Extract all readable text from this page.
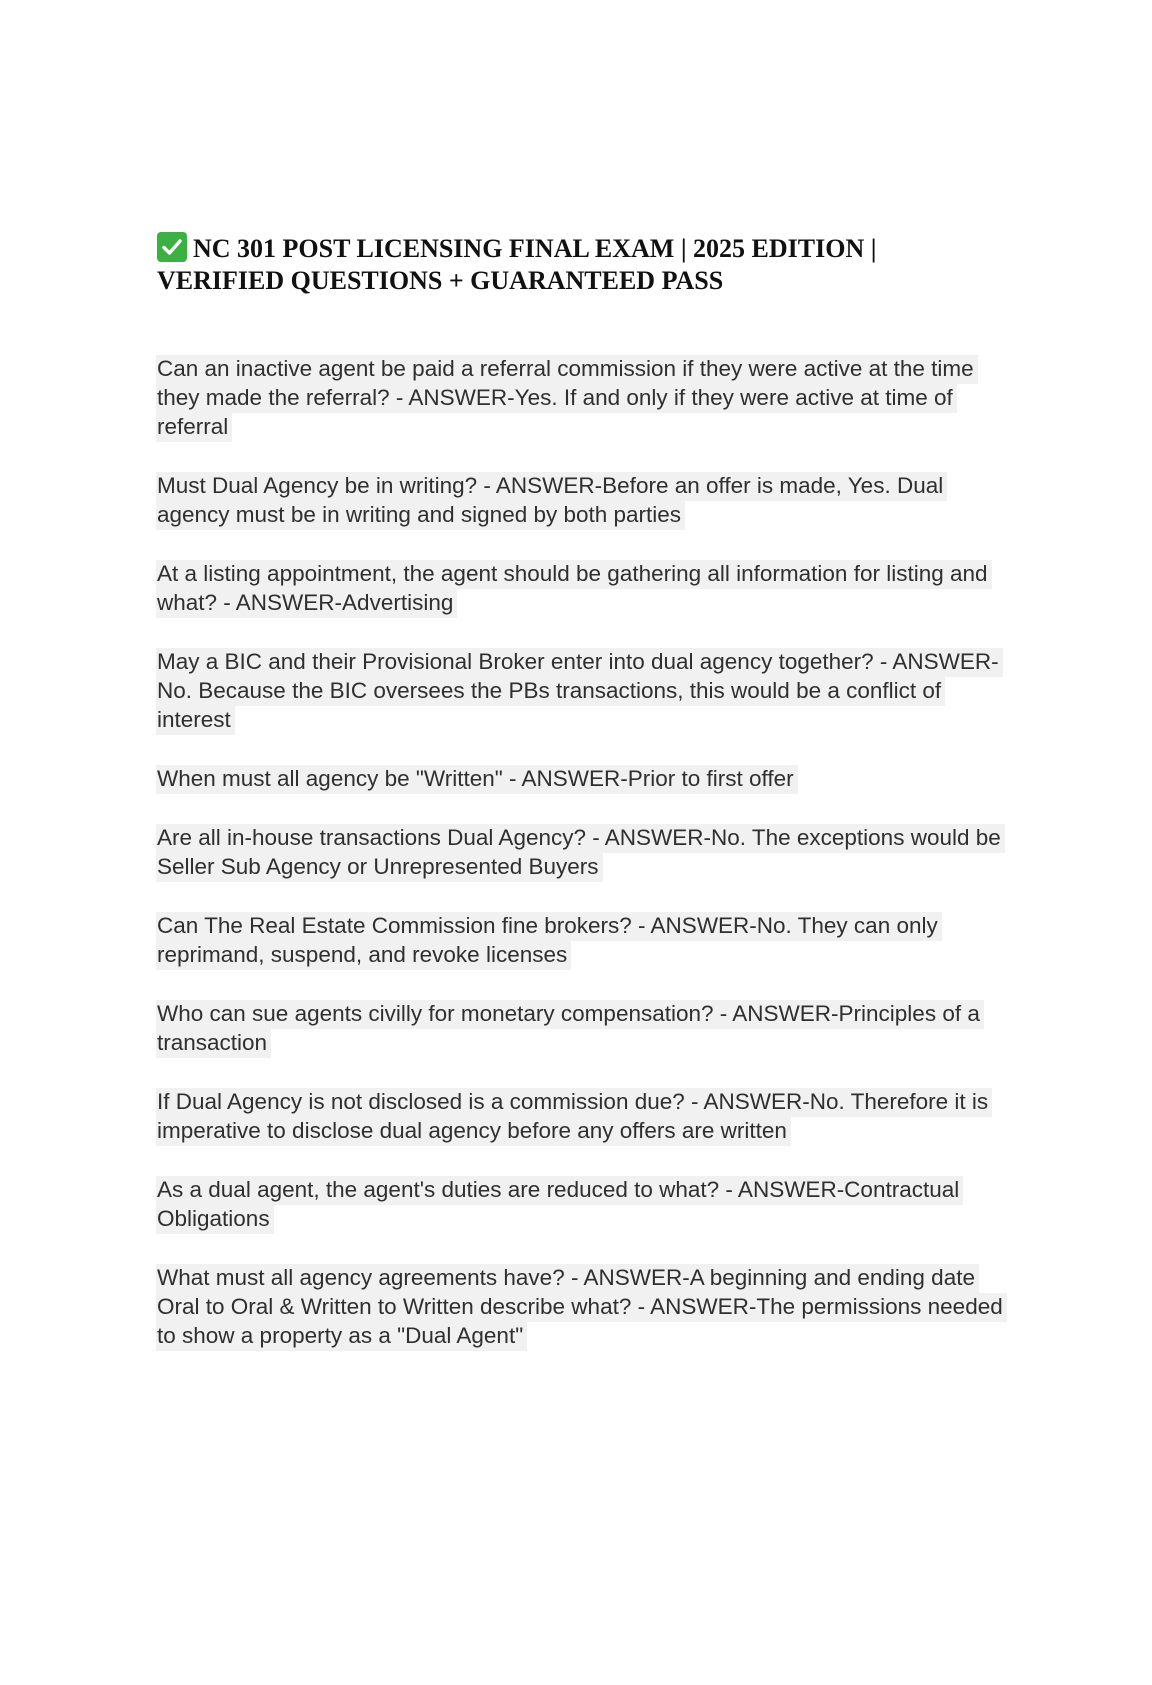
NC 301 POST LICENSING FINAL EXAM | 2025 EDITION |
VERIFIED QUESTIONS + GUARANTEED PASS
Can an inactive agent be paid a referral commission if they were active at the time they made the referral? - ANSWER-Yes. If and only if they were active at time of referral
Must Dual Agency be in writing? - ANSWER-Before an offer is made, Yes. Dual agency must be in writing and signed by both parties
At a listing appointment, the agent should be gathering all information for listing and what? - ANSWER-Advertising
May a BIC and their Provisional Broker enter into dual agency together? - ANSWER-No. Because the BIC oversees the PBs transactions, this would be a conflict of interest
When must all agency be "Written" - ANSWER-Prior to first offer
Are all in-house transactions Dual Agency? - ANSWER-No. The exceptions would be Seller Sub Agency or Unrepresented Buyers
Can The Real Estate Commission fine brokers? - ANSWER-No. They can only reprimand, suspend, and revoke licenses
Who can sue agents civilly for monetary compensation? - ANSWER-Principles of a transaction
If Dual Agency is not disclosed is a commission due? - ANSWER-No. Therefore it is imperative to disclose dual agency before any offers are written
As a dual agent, the agent's duties are reduced to what? - ANSWER-Contractual Obligations
What must all agency agreements have? - ANSWER-A beginning and ending date
Oral to Oral & Written to Written describe what? - ANSWER-The permissions needed to show a property as a "Dual Agent"
